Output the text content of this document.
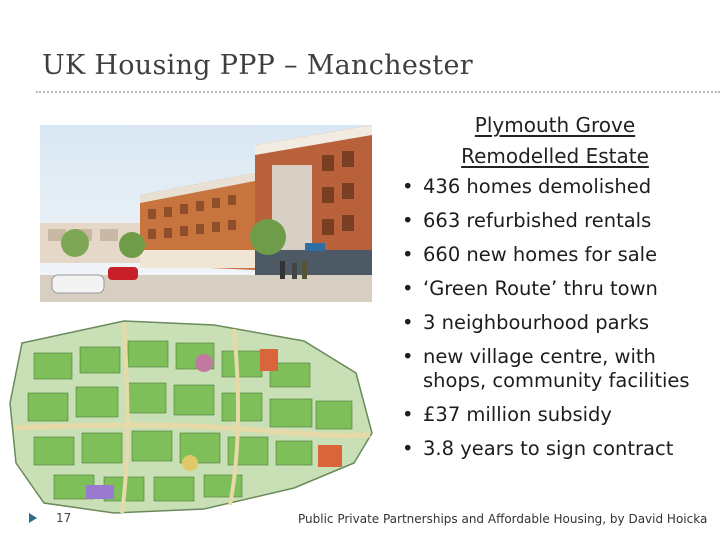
UK Housing PPP – Manchester
Plymouth Grove
Remodelled Estate
• 436 homes demolished
• 663 refurbished rentals
• 660 new homes for sale
• ‘Green Route’ thru town
• 3 neighbourhood parks
• new village centre, with shops, community facilities
• £37 million subsidy
• 3.8 years to sign contract
17	Public Private Partnerships and Affordable Housing, by David Hoicka
